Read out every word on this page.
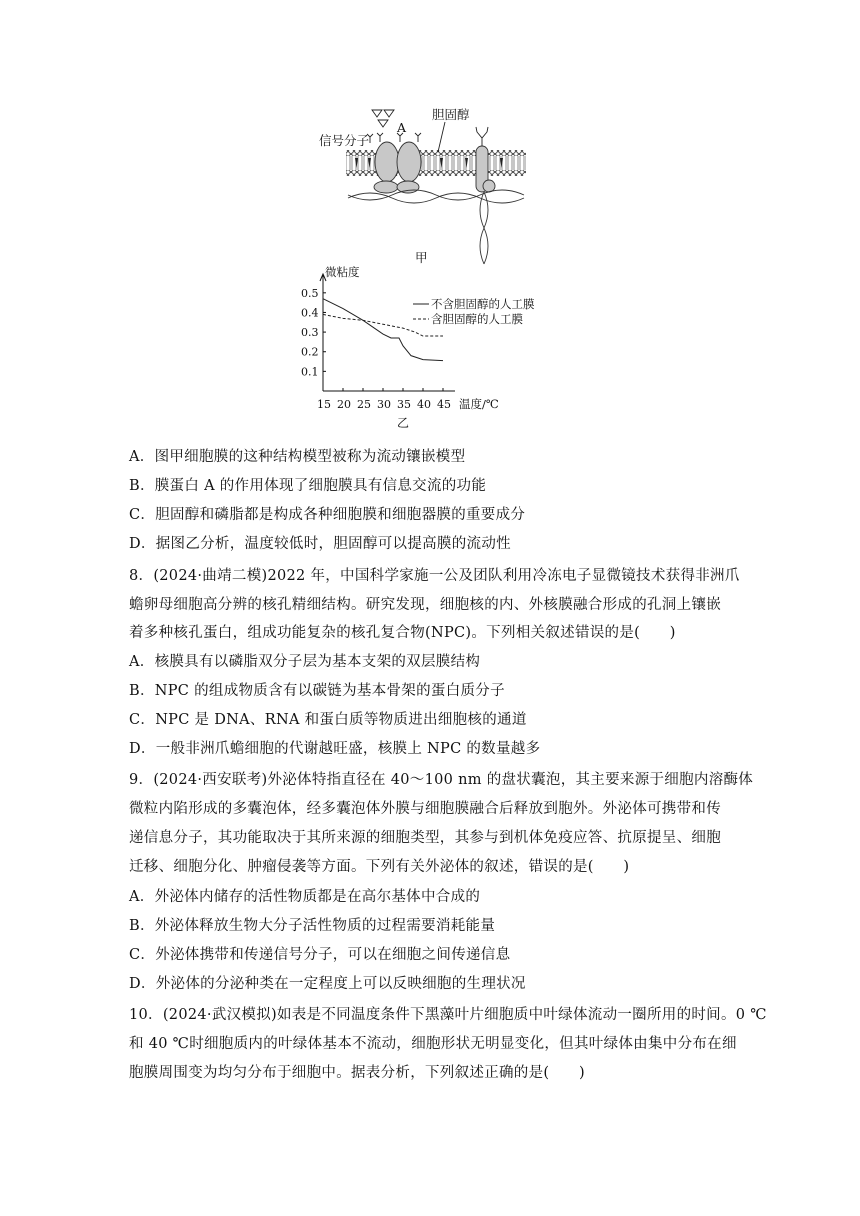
信号分子
A
胆固醇
甲
0.1
0.2
0.3
0.4
0.5
15 20 25 30 35 40 45
微粘度
温度/℃
乙
不含胆固醇的人工膜
含胆固醇的人工膜
A．图甲细胞膜的这种结构模型被称为流动镶嵌模型
B．膜蛋白 A 的作用体现了细胞膜具有信息交流的功能
C．胆固醇和磷脂都是构成各种细胞膜和细胞器膜的重要成分
D．据图乙分析，温度较低时，胆固醇可以提高膜的流动性
8．(2024·曲靖二模)2022 年，中国科学家施一公及团队利用冷冻电子显微镜技术获得非洲爪
蟾卵母细胞高分辨的核孔精细结构。研究发现，细胞核的内、外核膜融合形成的孔洞上镶嵌
着多种核孔蛋白，组成功能复杂的核孔复合物(NPC)。下列相关叙述错误的是(　　)
A．核膜具有以磷脂双分子层为基本支架的双层膜结构
B．NPC 的组成物质含有以碳链为基本骨架的蛋白质分子
C．NPC 是 DNA、RNA 和蛋白质等物质进出细胞核的通道
D．一般非洲爪蟾细胞的代谢越旺盛，核膜上 NPC 的数量越多
9．(2024·西安联考)外泌体特指直径在 40～100 nm 的盘状囊泡，其主要来源于细胞内溶酶体
微粒内陷形成的多囊泡体，经多囊泡体外膜与细胞膜融合后释放到胞外。外泌体可携带和传
递信息分子，其功能取决于其所来源的细胞类型，其参与到机体免疫应答、抗原提呈、细胞
迁移、细胞分化、肿瘤侵袭等方面。下列有关外泌体的叙述，错误的是(　　)
A．外泌体内储存的活性物质都是在高尔基体中合成的
B．外泌体释放生物大分子活性物质的过程需要消耗能量
C．外泌体携带和传递信号分子，可以在细胞之间传递信息
D．外泌体的分泌种类在一定程度上可以反映细胞的生理状况
10．(2024·武汉模拟)如表是不同温度条件下黑藻叶片细胞质中叶绿体流动一圈所用的时间。0 ℃
和 40 ℃时细胞质内的叶绿体基本不流动，细胞形状无明显变化，但其叶绿体由集中分布在细
胞膜周围变为均匀分布于细胞中。据表分析，下列叙述正确的是(　　)
